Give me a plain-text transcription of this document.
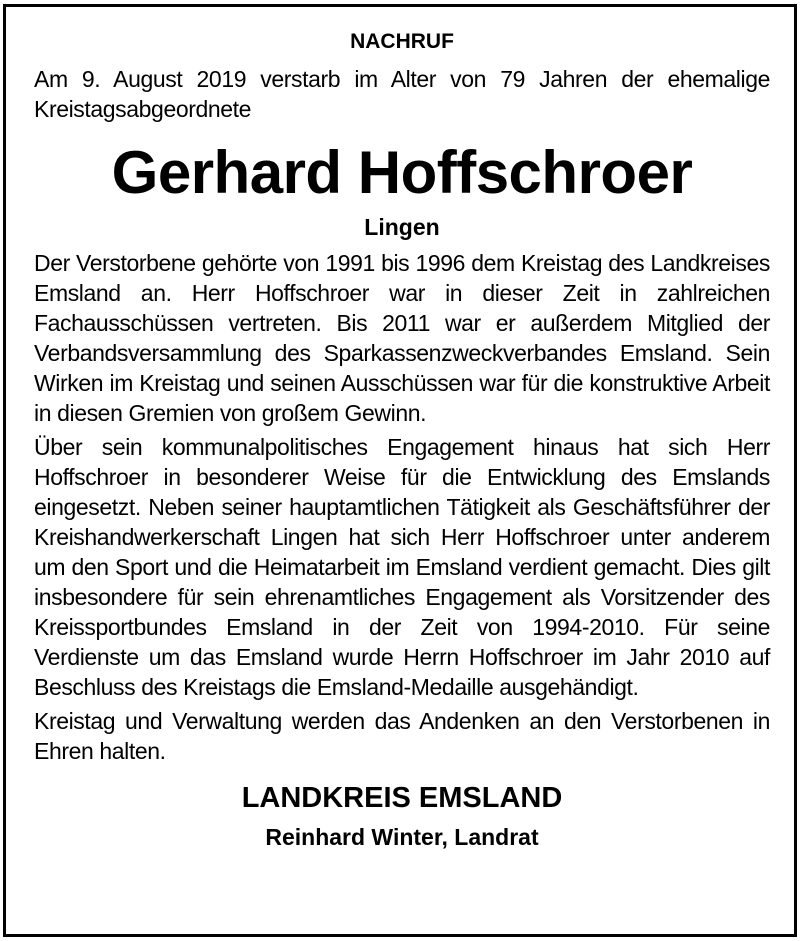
NACHRUF

Am 9. August 2019 verstarb im Alter von 79 Jahren der ehemalige Kreistagsabgeordnete

Gerhard Hoffschroer
Lingen

Der Verstorbene gehörte von 1991 bis 1996 dem Kreistag des Landkreises Emsland an. Herr Hoffschroer war in dieser Zeit in zahlreichen Fachausschüssen vertreten. Bis 2011 war er außerdem Mitglied der Verbandsversammlung des Sparkassenzweckverbandes Emsland. Sein Wirken im Kreistag und seinen Ausschüssen war für die konstruktive Arbeit in diesen Gremien von großem Gewinn.

Über sein kommunalpolitisches Engagement hinaus hat sich Herr Hoffschroer in besonderer Weise für die Entwicklung des Emslands eingesetzt. Neben seiner hauptamtlichen Tätigkeit als Geschäftsführer der Kreishandwerkerschaft Lingen hat sich Herr Hoffschroer unter anderem um den Sport und die Heimatarbeit im Emsland verdient gemacht. Dies gilt insbesondere für sein ehrenamtliches Engagement als Vorsitzender des Kreissportbundes Emsland in der Zeit von 1994-2010. Für seine Verdienste um das Emsland wurde Herrn Hoffschroer im Jahr 2010 auf Beschluss des Kreistags die Emsland-Medaille ausgehändigt.

Kreistag und Verwaltung werden das Andenken an den Verstorbenen in Ehren halten.

LANDKREIS EMSLAND
Reinhard Winter, Landrat
